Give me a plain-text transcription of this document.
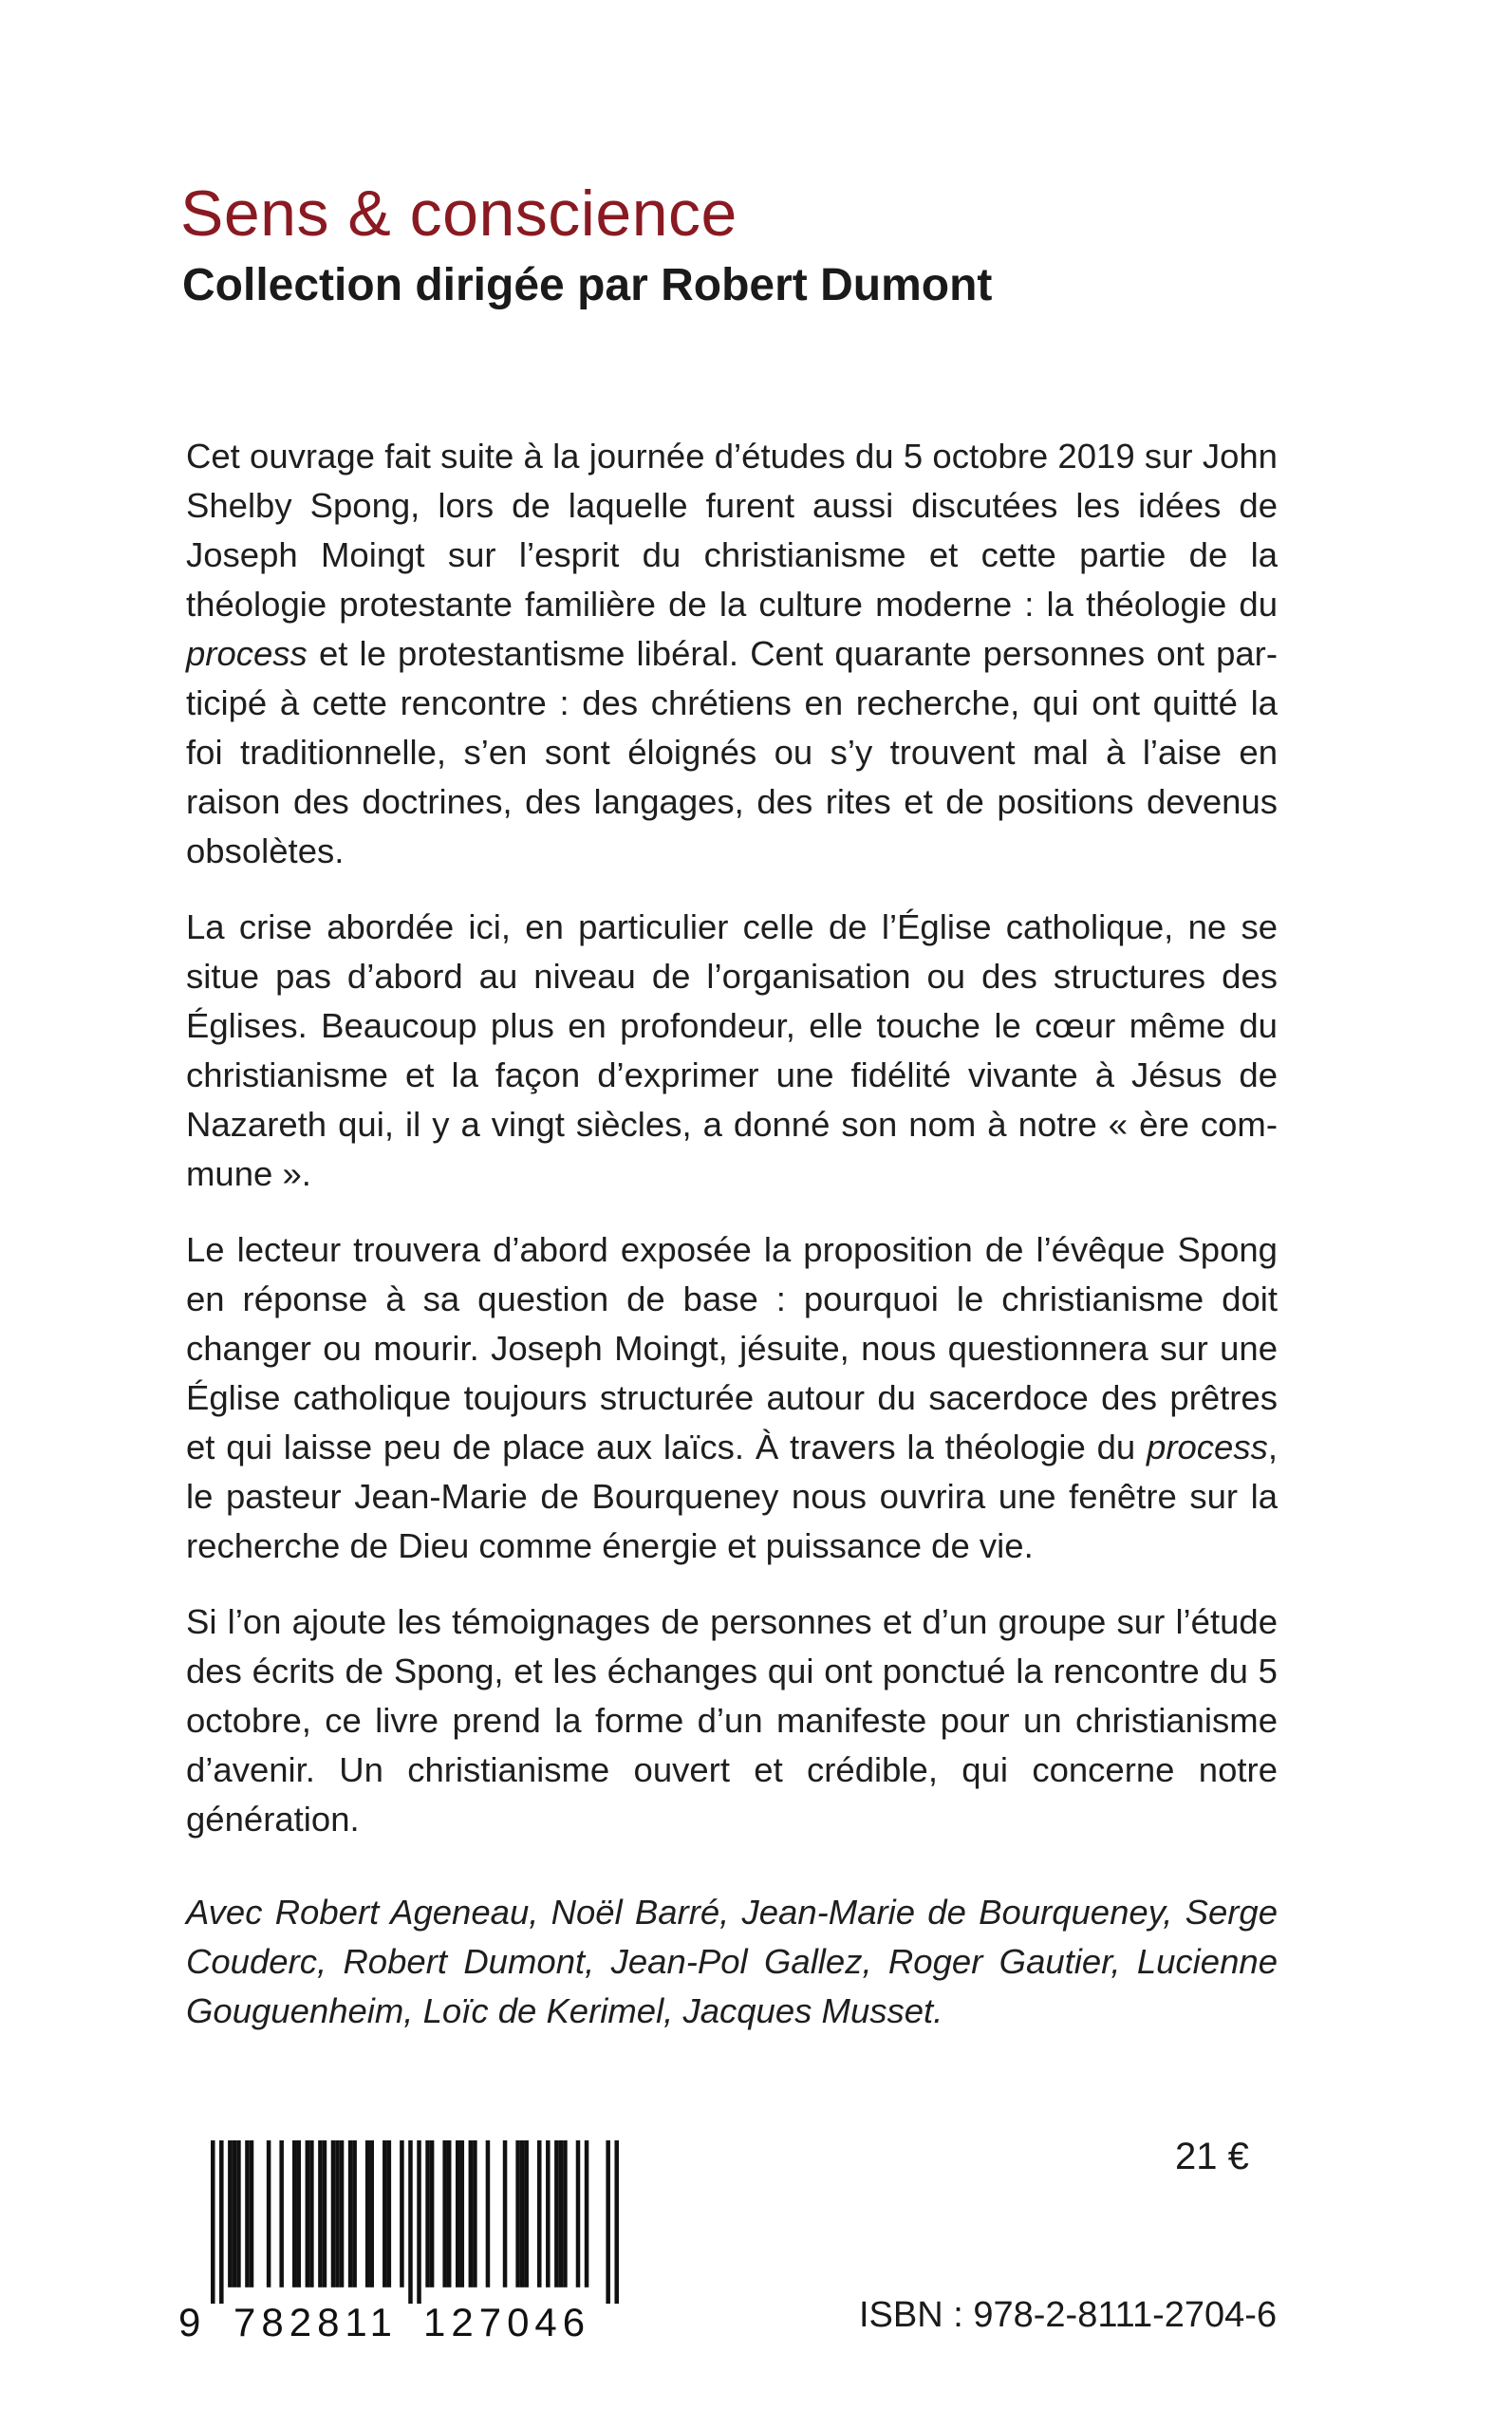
Sens & conscience
Collection dirigée par Robert Dumont

Cet ouvrage fait suite à la journée d’études du 5 octobre 2019 sur John Shelby Spong, lors de laquelle furent aussi discutées les idées de Joseph Moingt sur l’esprit du christianisme et cette partie de la théologie protestante familière de la culture moderne : la théologie du process et le protestantisme libéral. Cent quarante personnes ont participé à cette rencontre : des chrétiens en recherche, qui ont quitté la foi traditionnelle, s’en sont éloignés ou s’y trouvent mal à l’aise en raison des doctrines, des langages, des rites et de positions devenus obsolètes.

La crise abordée ici, en particulier celle de l’Église catholique, ne se situe pas d’abord au niveau de l’organisation ou des structures des Églises. Beaucoup plus en profondeur, elle touche le cœur même du christianisme et la façon d’exprimer une fidélité vivante à Jésus de Nazareth qui, il y a vingt siècles, a donné son nom à notre « ère commune ».

Le lecteur trouvera d’abord exposée la proposition de l’évêque Spong en réponse à sa question de base : pourquoi le christianisme doit changer ou mourir. Joseph Moingt, jésuite, nous questionnera sur une Église catholique toujours structurée autour du sacerdoce des prêtres et qui laisse peu de place aux laïcs. À travers la théologie du process, le pasteur Jean-Marie de Bourqueney nous ouvrira une fenêtre sur la recherche de Dieu comme énergie et puissance de vie.

Si l’on ajoute les témoignages de personnes et d’un groupe sur l’étude des écrits de Spong, et les échanges qui ont ponctué la rencontre du 5 octobre, ce livre prend la forme d’un manifeste pour un christianisme d’avenir. Un christianisme ouvert et crédible, qui concerne notre génération.

Avec Robert Ageneau, Noël Barré, Jean-Marie de Bourqueney, Serge Couderc, Robert Dumont, Jean-Pol Gallez, Roger Gautier, Lucienne Gouguenheim, Loïc de Kerimel, Jacques Musset.

9 782811 127046
21 €
ISBN : 978-2-8111-2704-6
